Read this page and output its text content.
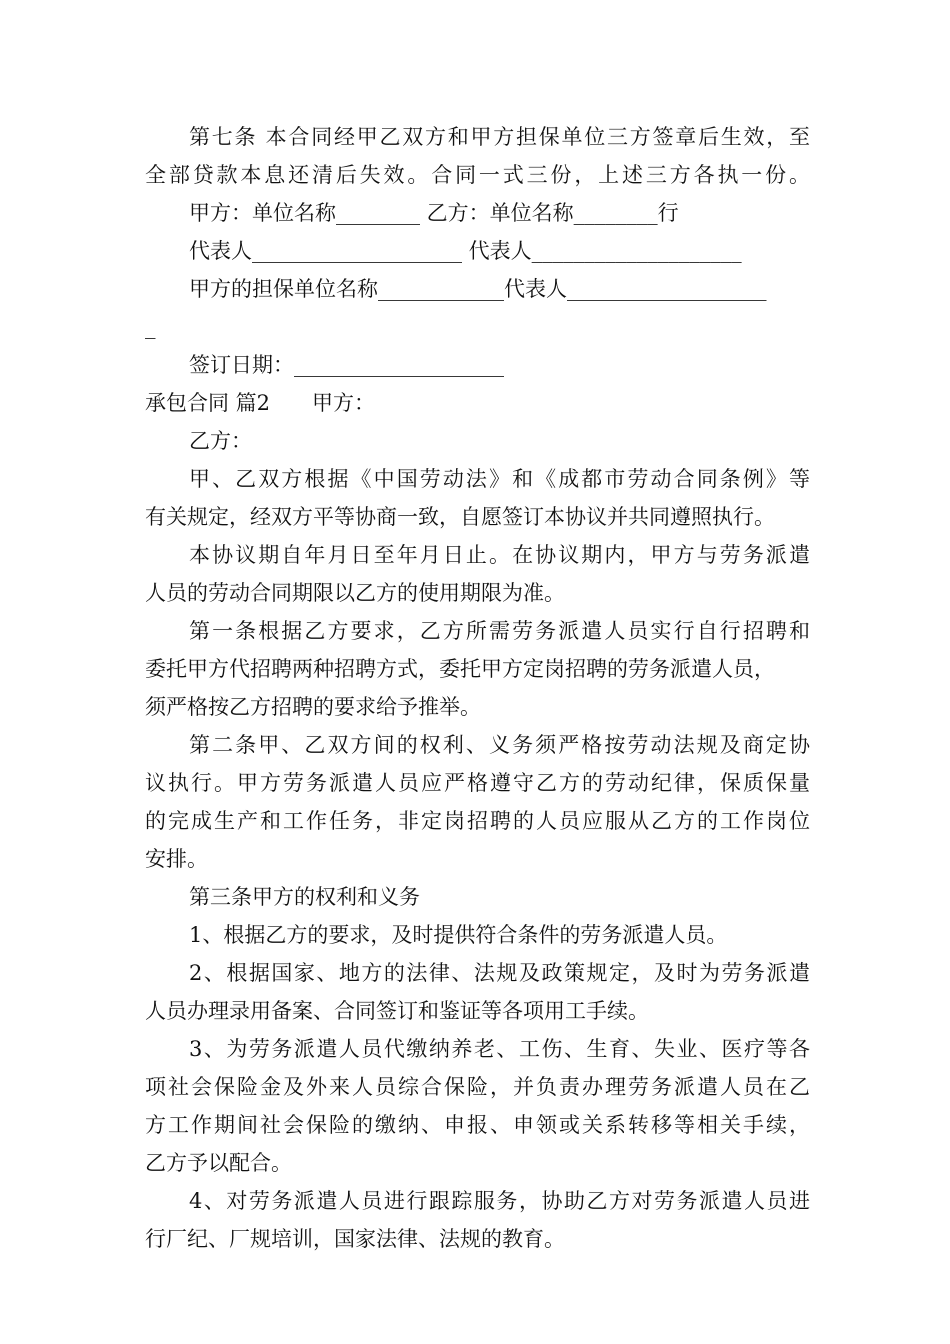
第七条 本合同经甲乙双方和甲方担保单位三方签章后生效，至
全部贷款本息还清后失效。合同一式三份，上述三方各执一份。
甲方：单位名称________ 乙方：单位名称________行
代表人____________________ 代表人____________________
甲方的担保单位名称____________代表人___________________
_
签订日期：____________________
承包合同 篇2　　甲方：
乙方：
甲、乙双方根据《中国劳动法》和《成都市劳动合同条例》等
有关规定，经双方平等协商一致，自愿签订本协议并共同遵照执行。
本协议期自年月日至年月日止。在协议期内，甲方与劳务派遣
人员的劳动合同期限以乙方的使用期限为准。
第一条根据乙方要求，乙方所需劳务派遣人员实行自行招聘和
委托甲方代招聘两种招聘方式，委托甲方定岗招聘的劳务派遣人员，
须严格按乙方招聘的要求给予推举。
第二条甲、乙双方间的权利、义务须严格按劳动法规及商定协
议执行。甲方劳务派遣人员应严格遵守乙方的劳动纪律，保质保量
的完成生产和工作任务，非定岗招聘的人员应服从乙方的工作岗位
安排。
第三条甲方的权利和义务
1、根据乙方的要求，及时提供符合条件的劳务派遣人员。
2、根据国家、地方的法律、法规及政策规定，及时为劳务派遣
人员办理录用备案、合同签订和鉴证等各项用工手续。
3、为劳务派遣人员代缴纳养老、工伤、生育、失业、医疗等各
项社会保险金及外来人员综合保险，并负责办理劳务派遣人员在乙
方工作期间社会保险的缴纳、申报、申领或关系转移等相关手续，
乙方予以配合。
4、对劳务派遣人员进行跟踪服务，协助乙方对劳务派遣人员进
行厂纪、厂规培训，国家法律、法规的教育。
